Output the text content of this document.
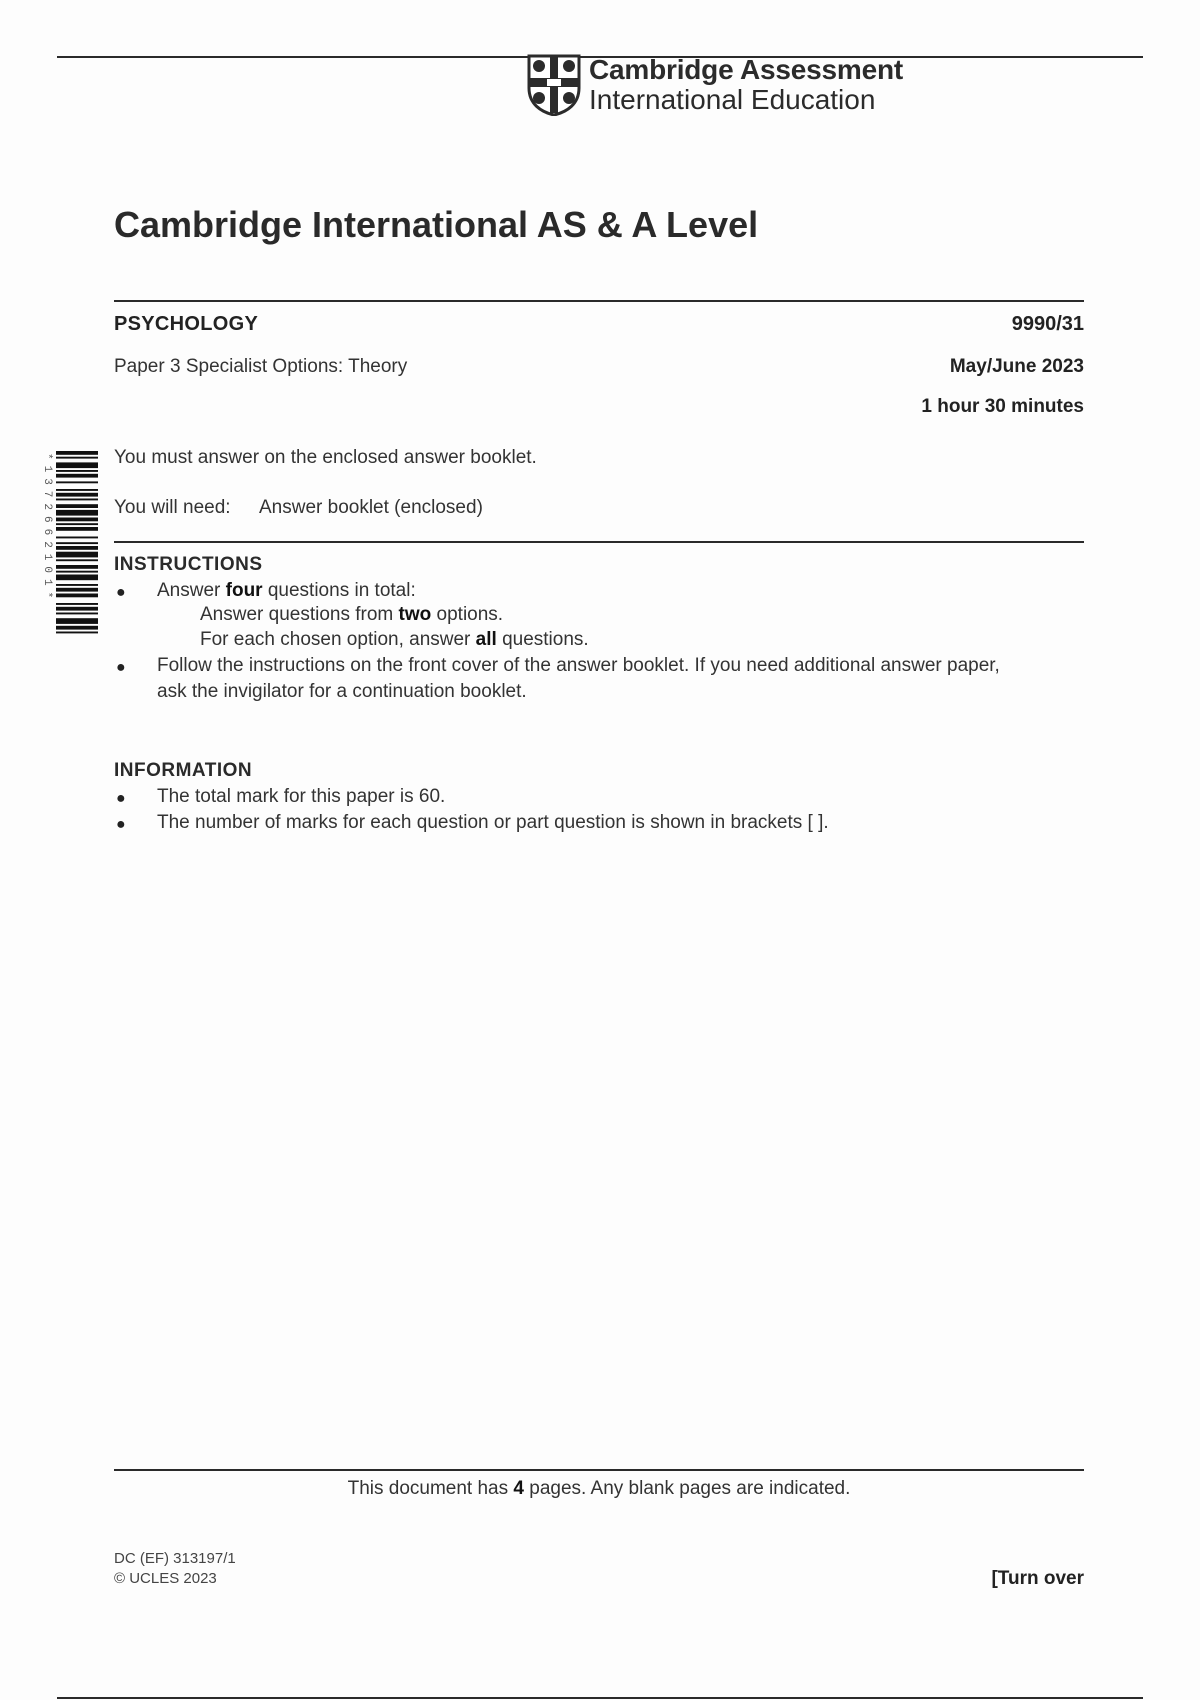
Cambridge Assessment
International Education
Cambridge International AS & A Level
PSYCHOLOGY	9990/31
Paper 3 Specialist Options: Theory	May/June 2023
1 hour 30 minutes
*1372662101*	You must answer on the enclosed answer booklet.
You will need: Answer booklet (enclosed)
INSTRUCTIONS
● Answer four questions in total:
Answer questions from two options.
For each chosen option, answer all questions.
● Follow the instructions on the front cover of the answer booklet. If you need additional answer paper,
ask the invigilator for a continuation booklet.
INFORMATION
● The total mark for this paper is 60.
● The number of marks for each question or part question is shown in brackets [ ].
This document has 4 pages. Any blank pages are indicated.
DC (EF) 313197/1
© UCLES 2023	[Turn over
